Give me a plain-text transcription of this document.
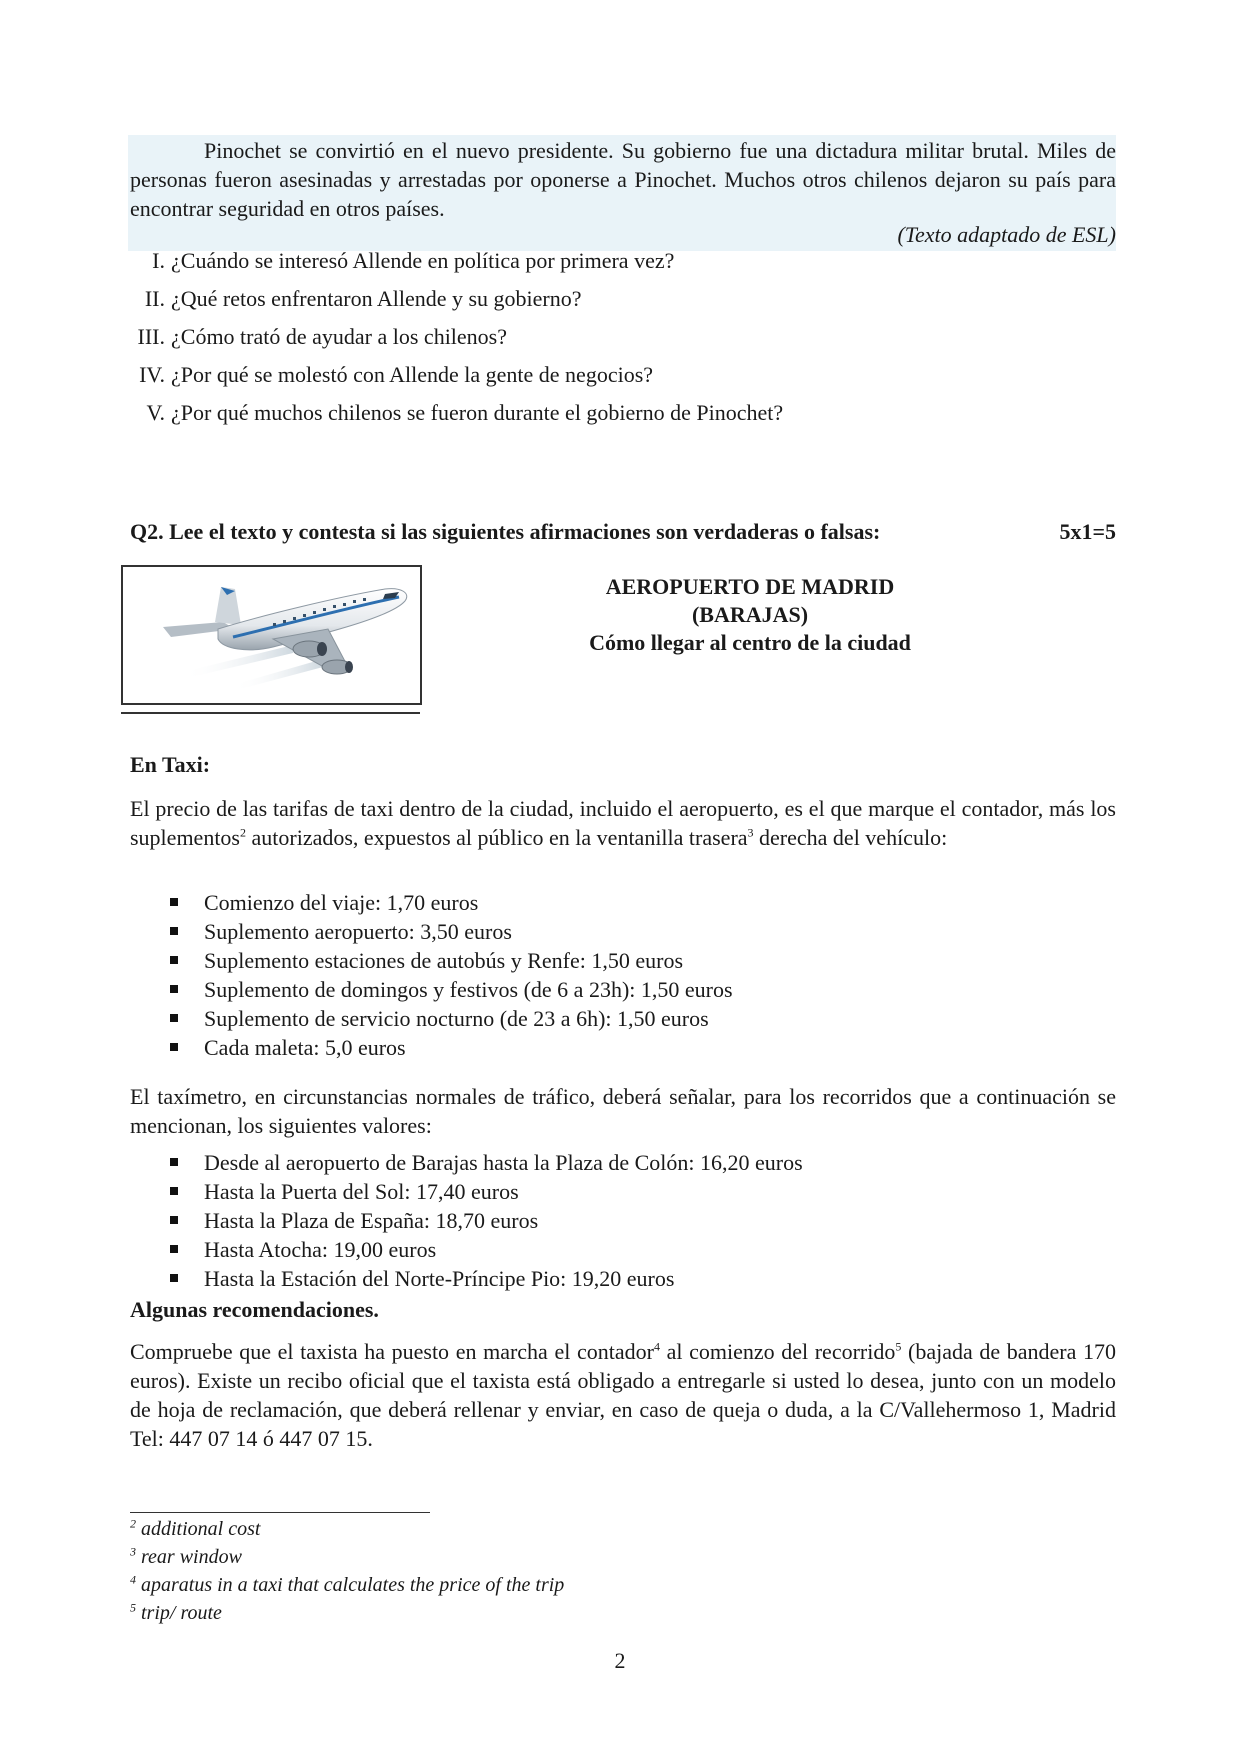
Pinochet se convirtió en el nuevo presidente. Su gobierno fue una dictadura militar brutal. Miles de personas fueron asesinadas y arrestadas por oponerse a Pinochet. Muchos otros chilenos dejaron su país para encontrar seguridad en otros países.

(Texto adaptado de ESL)
I. ¿Cuándo se interesó Allende en política por primera vez?
II. ¿Qué retos enfrentaron Allende y su gobierno?
III. ¿Cómo trató de ayudar a los chilenos?
IV. ¿Por qué se molestó con Allende la gente de negocios?
V. ¿Por qué muchos chilenos se fueron durante el gobierno de Pinochet?
Q2. Lee el texto y contesta si las siguientes afirmaciones son verdaderas o falsas:	5x1=5
AEROPUERTO DE MADRID
(BARAJAS)
Cómo llegar al centro de la ciudad
En Taxi:
El precio de las tarifas de taxi dentro de la ciudad, incluido el aeropuerto, es el que marque el contador, más los suplementos$^2$ autorizados, expuestos al público en la ventanilla trasera$^3$ derecha del vehículo:
Comienzo del viaje: 1,70 euros
Suplemento aeropuerto: 3,50 euros
Suplemento estaciones de autobús y Renfe: 1,50 euros
Suplemento de domingos y festivos (de 6 a 23h): 1,50 euros
Suplemento de servicio nocturno (de 23 a 6h): 1,50 euros
Cada maleta: 5,0 euros
El taxímetro, en circunstancias normales de tráfico, deberá señalar, para los recorridos que a continuación se mencionan, los siguientes valores:
Desde al aeropuerto de Barajas hasta la Plaza de Colón: 16,20 euros
Hasta la Puerta del Sol: 17,40 euros
Hasta la Plaza de España: 18,70 euros
Hasta Atocha: 19,00 euros
Hasta la Estación del Norte-Príncipe Pio: 19,20 euros
Algunas recomendaciones.
Compruebe que el taxista ha puesto en marcha el contador$^4$ al comienzo del recorrido$^5$ (bajada de bandera 170 euros). Existe un recibo oficial que el taxista está obligado a entregarle si usted lo desea, junto con un modelo de hoja de reclamación, que deberá rellenar y enviar, en caso de queja o duda, a la C/Vallehermoso 1, Madrid Tel: 447 07 14 ó 447 07 15.
$^2$ additional cost
$^3$ rear window
$^4$ aparatus in a taxi that calculates the price of the trip
$^5$ trip/ route
2
